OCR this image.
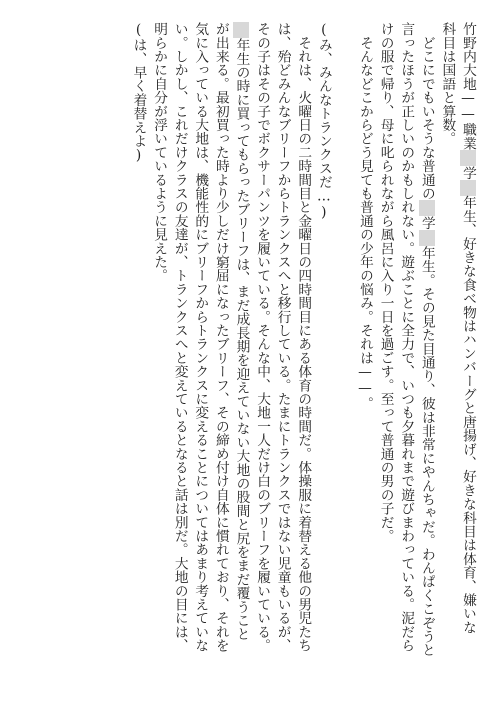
竹野内大地——職業■学■年生、好きな食べ物はハンバーグと唐揚げ、好きな科目は体育、嫌いな
科目は国語と算数。
　どこにでもいそうな普通の■学■年生。その見た目通り、彼は非常にやんちゃだ。わんぱくこぞうと
言ったほうが正しいのかもしれない。遊ぶことに全力で、いつも夕暮れまで遊びまわっている。泥だら
けの服で帰り、母に叱られながら風呂に入り一日を過ごす。至って普通の男の子だ。
　そんなどこからどう見ても普通の少年の悩み。それは——。
(み、みんなトランクスだ…)
　それは、火曜日の二時間目と金曜日の四時間目にある体育の時間だ。体操服に着替える他の男児たち
は、殆どみんなブリーフからトランクスへと移行している。たまにトランクスではない児童もいるが、
その子はその子でボクサーパンツを履いている。そんな中、大地一人だけ白のブリーフを履いている。
■年生の時に買ってもらったブリーフは、まだ成長期を迎えていない大地の股間と尻をまだ覆うこと
が出来る。最初買った時より少しだけ窮屈になったブリーフ、その締め付け自体に慣れており、それを
気に入っている大地は、機能性的にブリーフからトランクスに変えることについてはあまり考えていな
い。しかし、これだけクラスの友達が、トランクスへと変えているとなると話は別だ。大地の目には、
明らかに自分が浮いているように見えた。
(は、早く着替えよ)
